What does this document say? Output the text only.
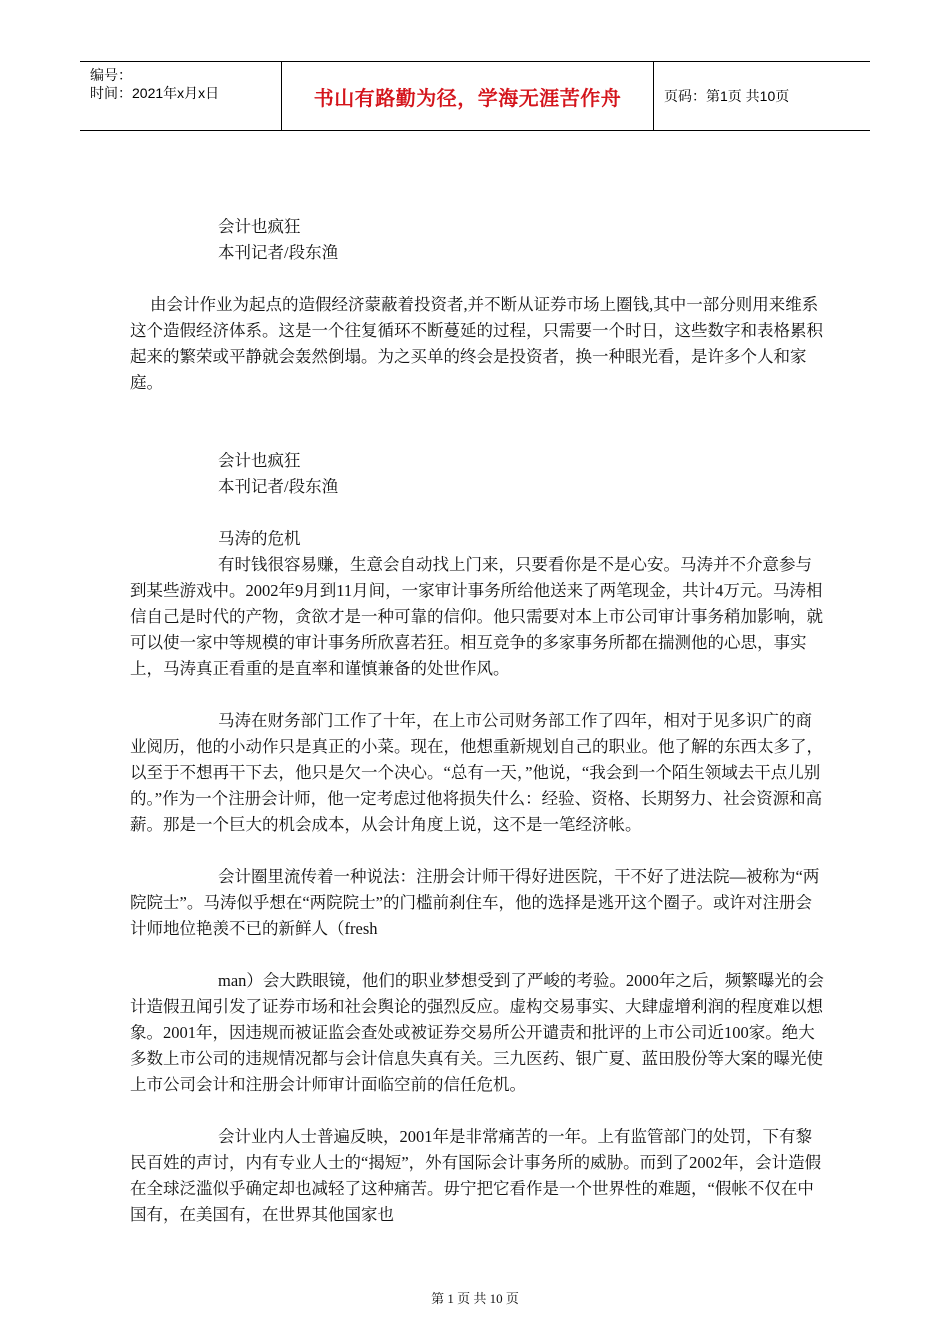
编号：
时间：2021年x月x日	书山有路勤为径，学海无涯苦作舟	页码：第1页 共10页

会计也疯狂

本刊记者/段东渔

由会计作业为起点的造假经济蒙蔽着投资者,并不断从证券市场上圈钱,其中一部分则用来维系这个造假经济体系。这是一个往复循环不断蔓延的过程，只需要一个时日，这些数字和表格累积起来的繁荣或平静就会轰然倒塌。为之买单的终会是投资者，换一种眼光看，是许多个人和家庭。

会计也疯狂

本刊记者/段东渔

马涛的危机

有时钱很容易赚，生意会自动找上门来，只要看你是不是心安。马涛并不介意参与到某些游戏中。2002年9月到11月间，一家审计事务所给他送来了两笔现金，共计4万元。马涛相信自己是时代的产物，贪欲才是一种可靠的信仰。他只需要对本上市公司审计事务稍加影响，就可以使一家中等规模的审计事务所欣喜若狂。相互竞争的多家事务所都在揣测他的心思，事实上，马涛真正看重的是直率和谨慎兼备的处世作风。

马涛在财务部门工作了十年，在上市公司财务部工作了四年，相对于见多识广的商业阅历，他的小动作只是真正的小菜。现在，他想重新规划自己的职业。他了解的东西太多了，以至于不想再干下去，他只是欠一个决心。“总有一天，”他说，“我会到一个陌生领域去干点儿别的。”作为一个注册会计师，他一定考虑过他将损失什么：经验、资格、长期努力、社会资源和高薪。那是一个巨大的机会成本，从会计角度上说，这不是一笔经济帐。

会计圈里流传着一种说法：注册会计师干得好进医院，干不好了进法院—被称为“两院院士”。马涛似乎想在“两院院士”的门槛前刹住车，他的选择是逃开这个圈子。或许对注册会计师地位艳羡不已的新鲜人（fresh

man）会大跌眼镜，他们的职业梦想受到了严峻的考验。2000年之后，频繁曝光的会计造假丑闻引发了证券市场和社会舆论的强烈反应。虚构交易事实、大肆虚增利润的程度难以想象。2001年，因违规而被证监会查处或被证券交易所公开谴责和批评的上市公司近100家。绝大多数上市公司的违规情况都与会计信息失真有关。三九医药、银广夏、蓝田股份等大案的曝光使上市公司会计和注册会计师审计面临空前的信任危机。

会计业内人士普遍反映，2001年是非常痛苦的一年。上有监管部门的处罚，下有黎民百姓的声讨，内有专业人士的“揭短”，外有国际会计事务所的威胁。而到了2002年，会计造假在全球泛滥似乎确定却也减轻了这种痛苦。毋宁把它看作是一个世界性的难题，“假帐不仅在中国有，在美国有，在世界其他国家也

第 1 页 共 10 页
